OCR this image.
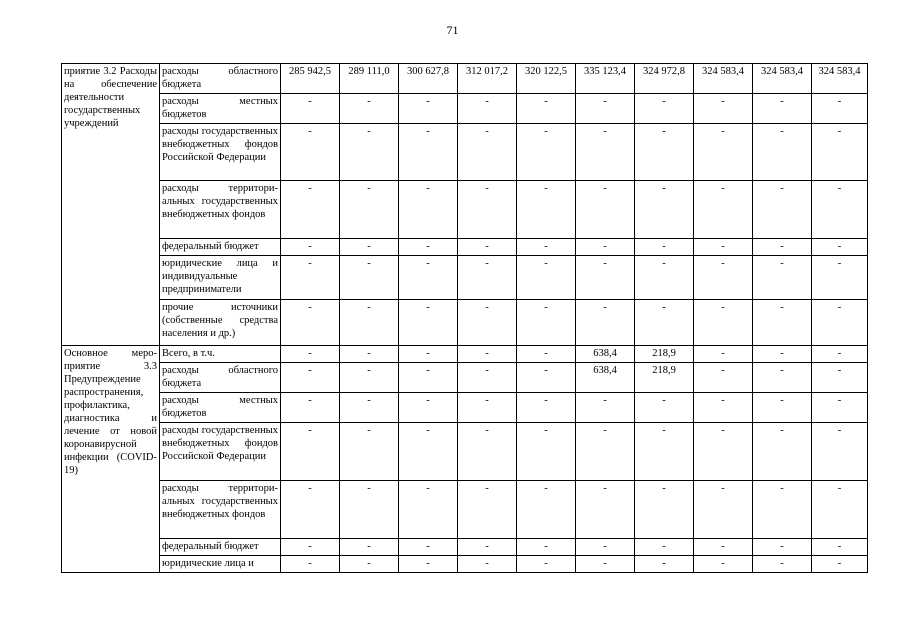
71
приятие 3.2 Расходы на обеспечение деятельности государственных учреждений	расходы областного бюджета	285 942,5	289 111,0	300 627,8	312 017,2	320 122,5	335 123,4	324 972,8	324 583,4	324 583,4	324 583,4
	расходы местных бюджетов	-	-	-	-	-	-	-	-	-	-
	расходы государственных внебюджетных фондов Российской Федерации	-	-	-	-	-	-	-	-	-	-
	расходы территориальных государственных внебюджетных фондов	-	-	-	-	-	-	-	-	-	-
	федеральный бюджет	-	-	-	-	-	-	-	-	-	-
	юридические лица и индивидуальные предприниматели	-	-	-	-	-	-	-	-	-	-
	прочие источники (собственные средства населения и др.)	-	-	-	-	-	-	-	-	-	-
Основное мероприятие 3.3 Предупреждение распространения, профилактика, диагностика и лечение от новой коронавирусной инфекции (COVID-19)	Всего, в т.ч.	-	-	-	-	-	638,4	218,9	-	-	-
	расходы областного бюджета	-	-	-	-	-	638,4	218,9	-	-	-
	расходы местных бюджетов	-	-	-	-	-	-	-	-	-	-
	расходы государственных внебюджетных фондов Российской Федерации	-	-	-	-	-	-	-	-	-	-
	расходы территориальных государственных внебюджетных фондов	-	-	-	-	-	-	-	-	-	-
	федеральный бюджет	-	-	-	-	-	-	-	-	-	-
	юридические лица и	-	-	-	-	-	-	-	-	-	-
